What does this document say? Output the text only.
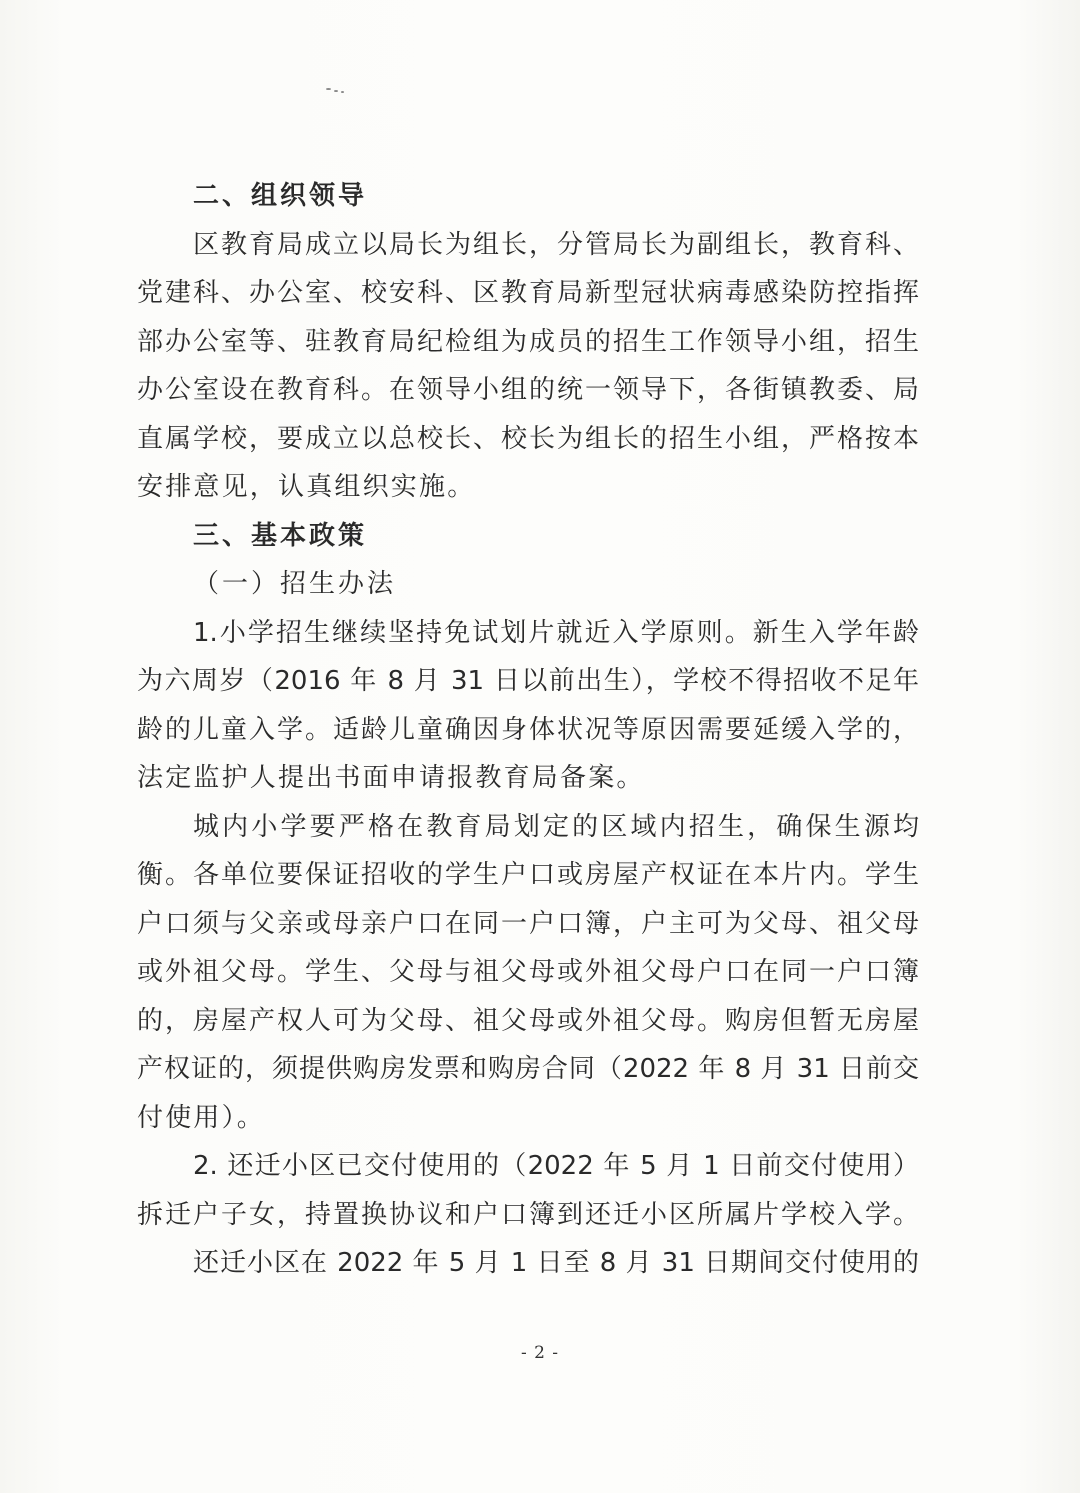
二、组织领导
区教育局成立以局长为组长，分管局长为副组长，教育科、
党建科、办公室、校安科、区教育局新型冠状病毒感染防控指挥
部办公室等、驻教育局纪检组为成员的招生工作领导小组，招生
办公室设在教育科。在领导小组的统一领导下，各街镇教委、局
直属学校，要成立以总校长、校长为组长的招生小组，严格按本
安排意见，认真组织实施。
三、基本政策
（一）招生办法
1.小学招生继续坚持免试划片就近入学原则。新生入学年龄
为六周岁（2016 年 8 月 31 日以前出生），学校不得招收不足年
龄的儿童入学。适龄儿童确因身体状况等原因需要延缓入学的，
法定监护人提出书面申请报教育局备案。
城内小学要严格在教育局划定的区域内招生，确保生源均
衡。各单位要保证招收的学生户口或房屋产权证在本片内。学生
户口须与父亲或母亲户口在同一户口簿，户主可为父母、祖父母
或外祖父母。学生、父母与祖父母或外祖父母户口在同一户口簿
的，房屋产权人可为父母、祖父母或外祖父母。购房但暂无房屋
产权证的，须提供购房发票和购房合同（2022 年 8 月 31 日前交
付使用）。
2. 还迁小区已交付使用的（2022 年 5 月 1 日前交付使用）
拆迁户子女，持置换协议和户口簿到还迁小区所属片学校入学。
还迁小区在 2022 年 5 月 1 日至 8 月 31 日期间交付使用的
- 2 -
